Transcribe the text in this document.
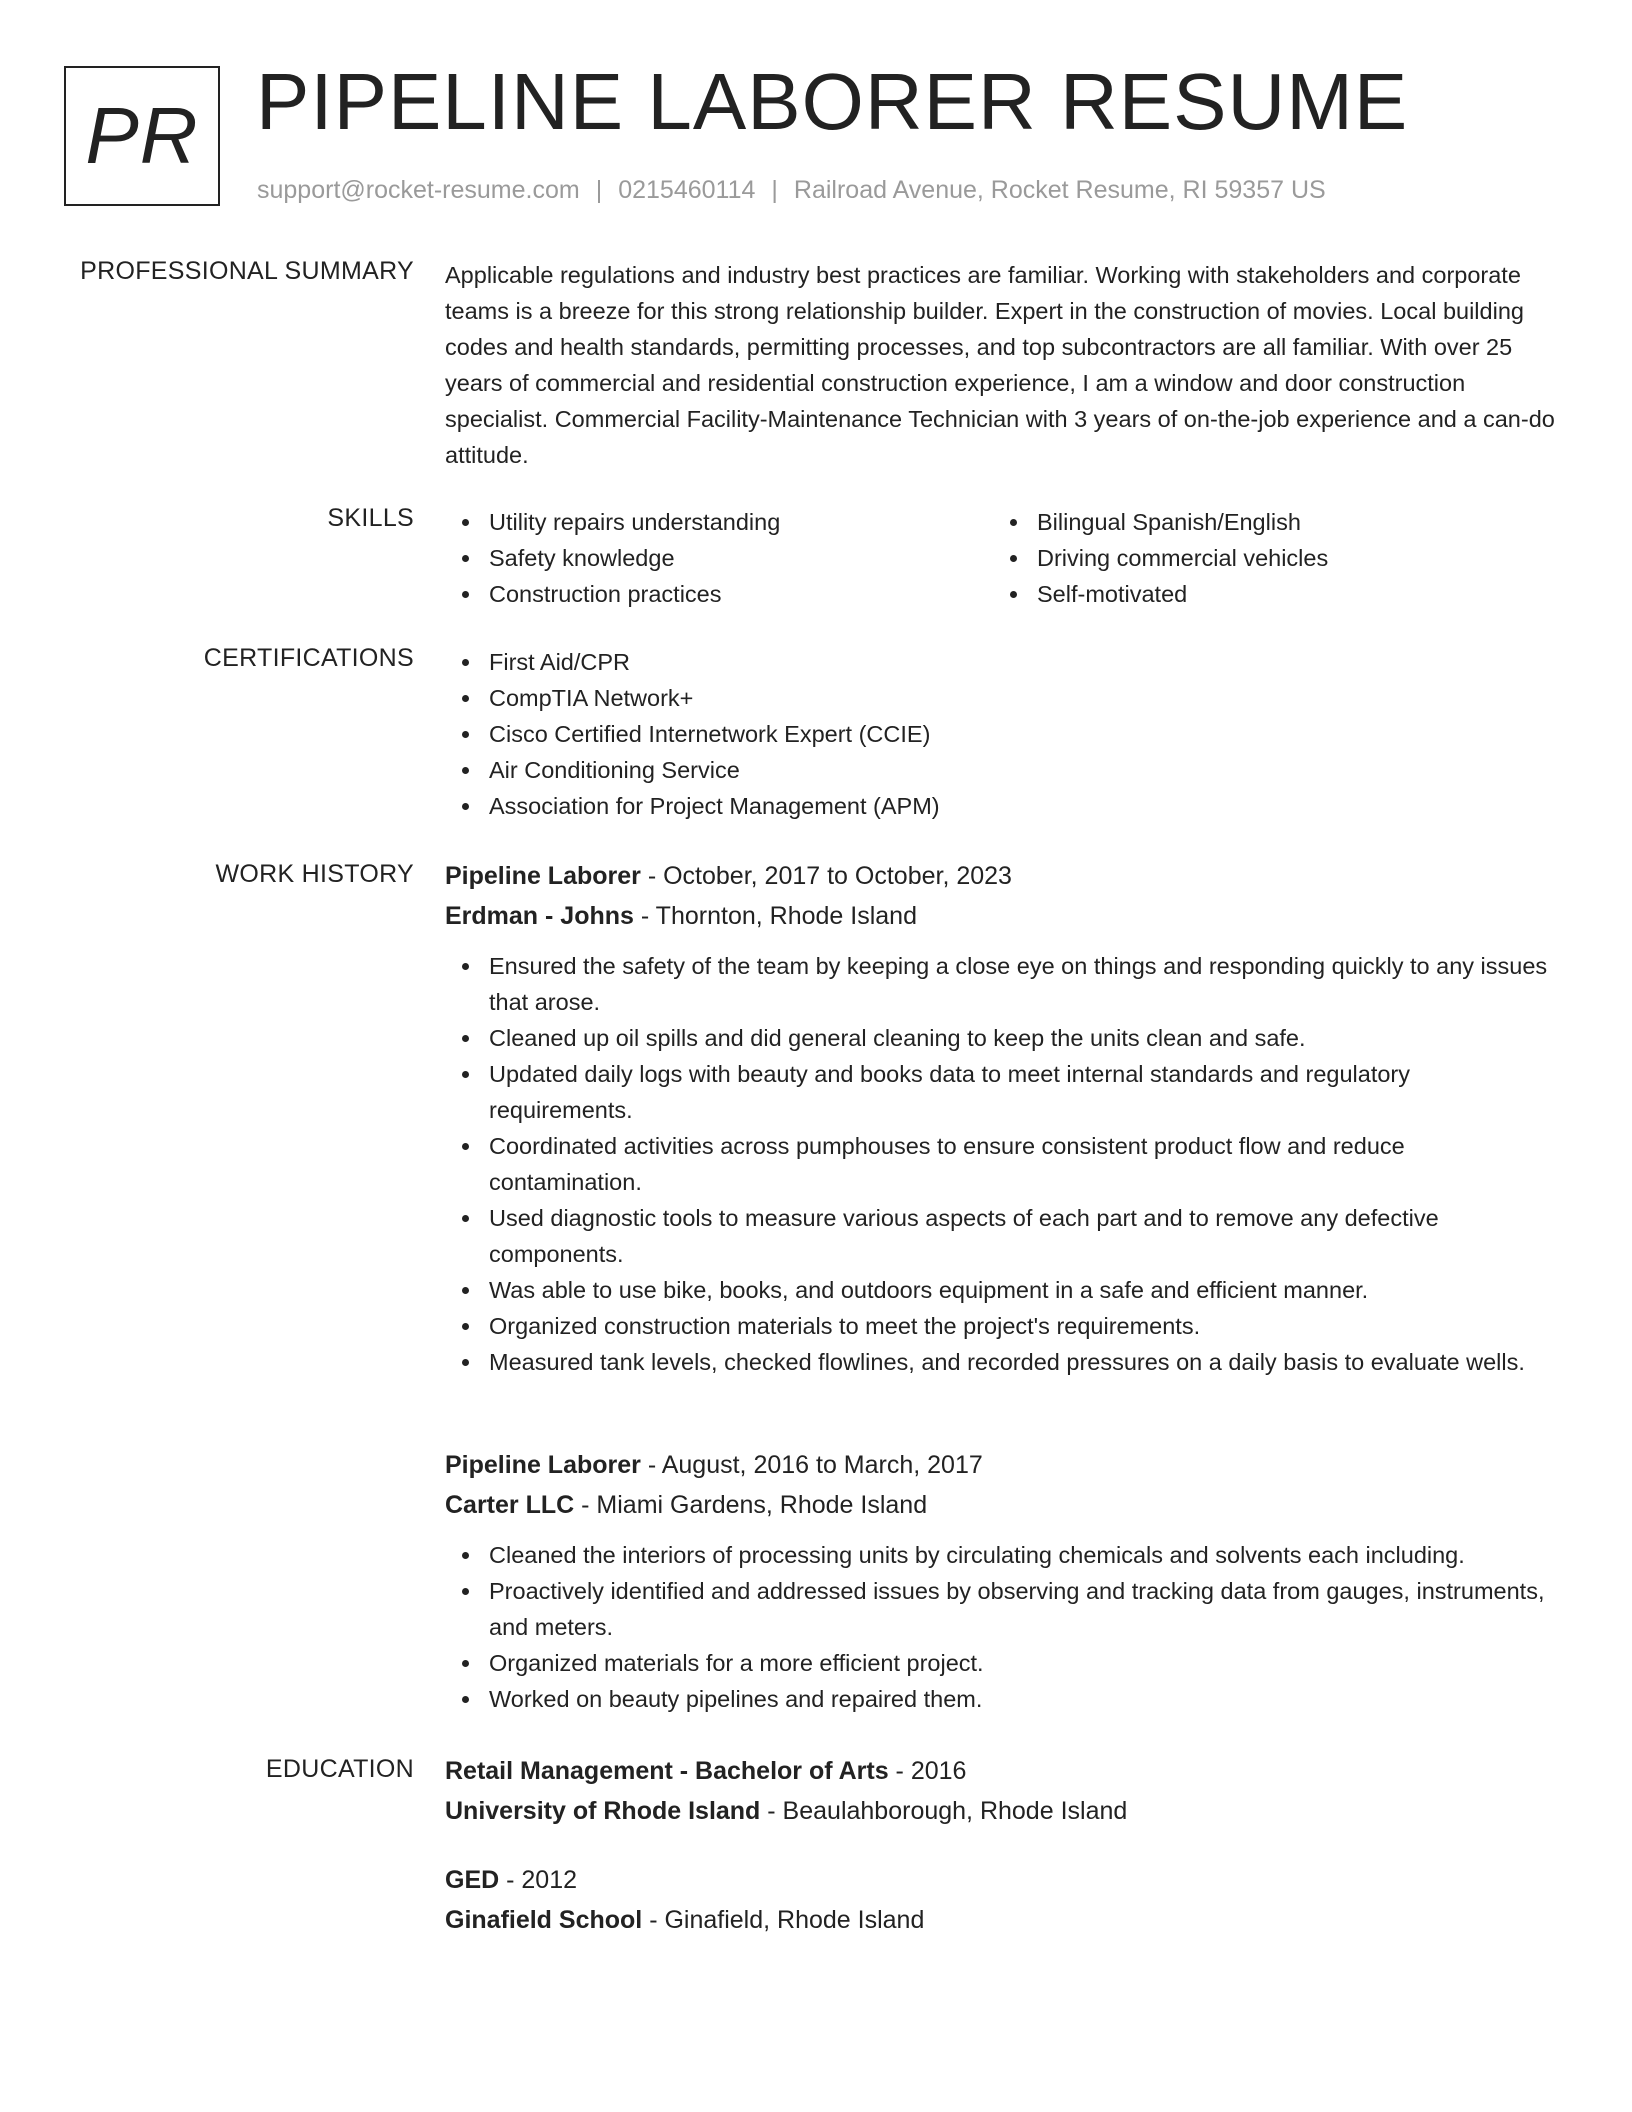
PR PIPELINE LABORER RESUME
support@rocket-resume.com | 0215460114 | Railroad Avenue, Rocket Resume, RI 59357 US
PROFESSIONAL SUMMARY Applicable regulations and industry best practices are familiar. Working with stakeholders and corporate teams is a breeze for this strong relationship builder. Expert in the construction of movies. Local building codes and health standards, permitting processes, and top subcontractors are all familiar. With over 25 years of commercial and residential construction experience, I am a window and door construction specialist. Commercial Facility-Maintenance Technician with 3 years of on-the-job experience and a can-do attitude.
SKILLS	Utility repairs understanding
Safety knowledge
Construction practices
Bilingual Spanish/English
Driving commercial vehicles
Self-motivated
CERTIFICATIONS	First Aid/CPR
CompTIA Network+
Cisco Certified Internetwork Expert (CCIE)
Air Conditioning Service
Association for Project Management (APM)
WORK HISTORY Pipeline Laborer - October, 2017 to October, 2023
Erdman - Johns - Thornton, Rhode Island
Ensured the safety of the team by keeping a close eye on things and responding quickly to any issues that arose.
Cleaned up oil spills and did general cleaning to keep the units clean and safe.
Updated daily logs with beauty and books data to meet internal standards and regulatory requirements.
Coordinated activities across pumphouses to ensure consistent product flow and reduce contamination.
Used diagnostic tools to measure various aspects of each part and to remove any defective components.
Was able to use bike, books, and outdoors equipment in a safe and efficient manner.
Organized construction materials to meet the project's requirements.
Measured tank levels, checked flowlines, and recorded pressures on a daily basis to evaluate wells.
Pipeline Laborer - August, 2016 to March, 2017
Carter LLC - Miami Gardens, Rhode Island
Cleaned the interiors of processing units by circulating chemicals and solvents each including.
Proactively identified and addressed issues by observing and tracking data from gauges, instruments, and meters.
Organized materials for a more efficient project.
Worked on beauty pipelines and repaired them.
EDUCATION Retail Management - Bachelor of Arts - 2016
University of Rhode Island - Beaulahborough, Rhode Island
GED - 2012
Ginafield School - Ginafield, Rhode Island
